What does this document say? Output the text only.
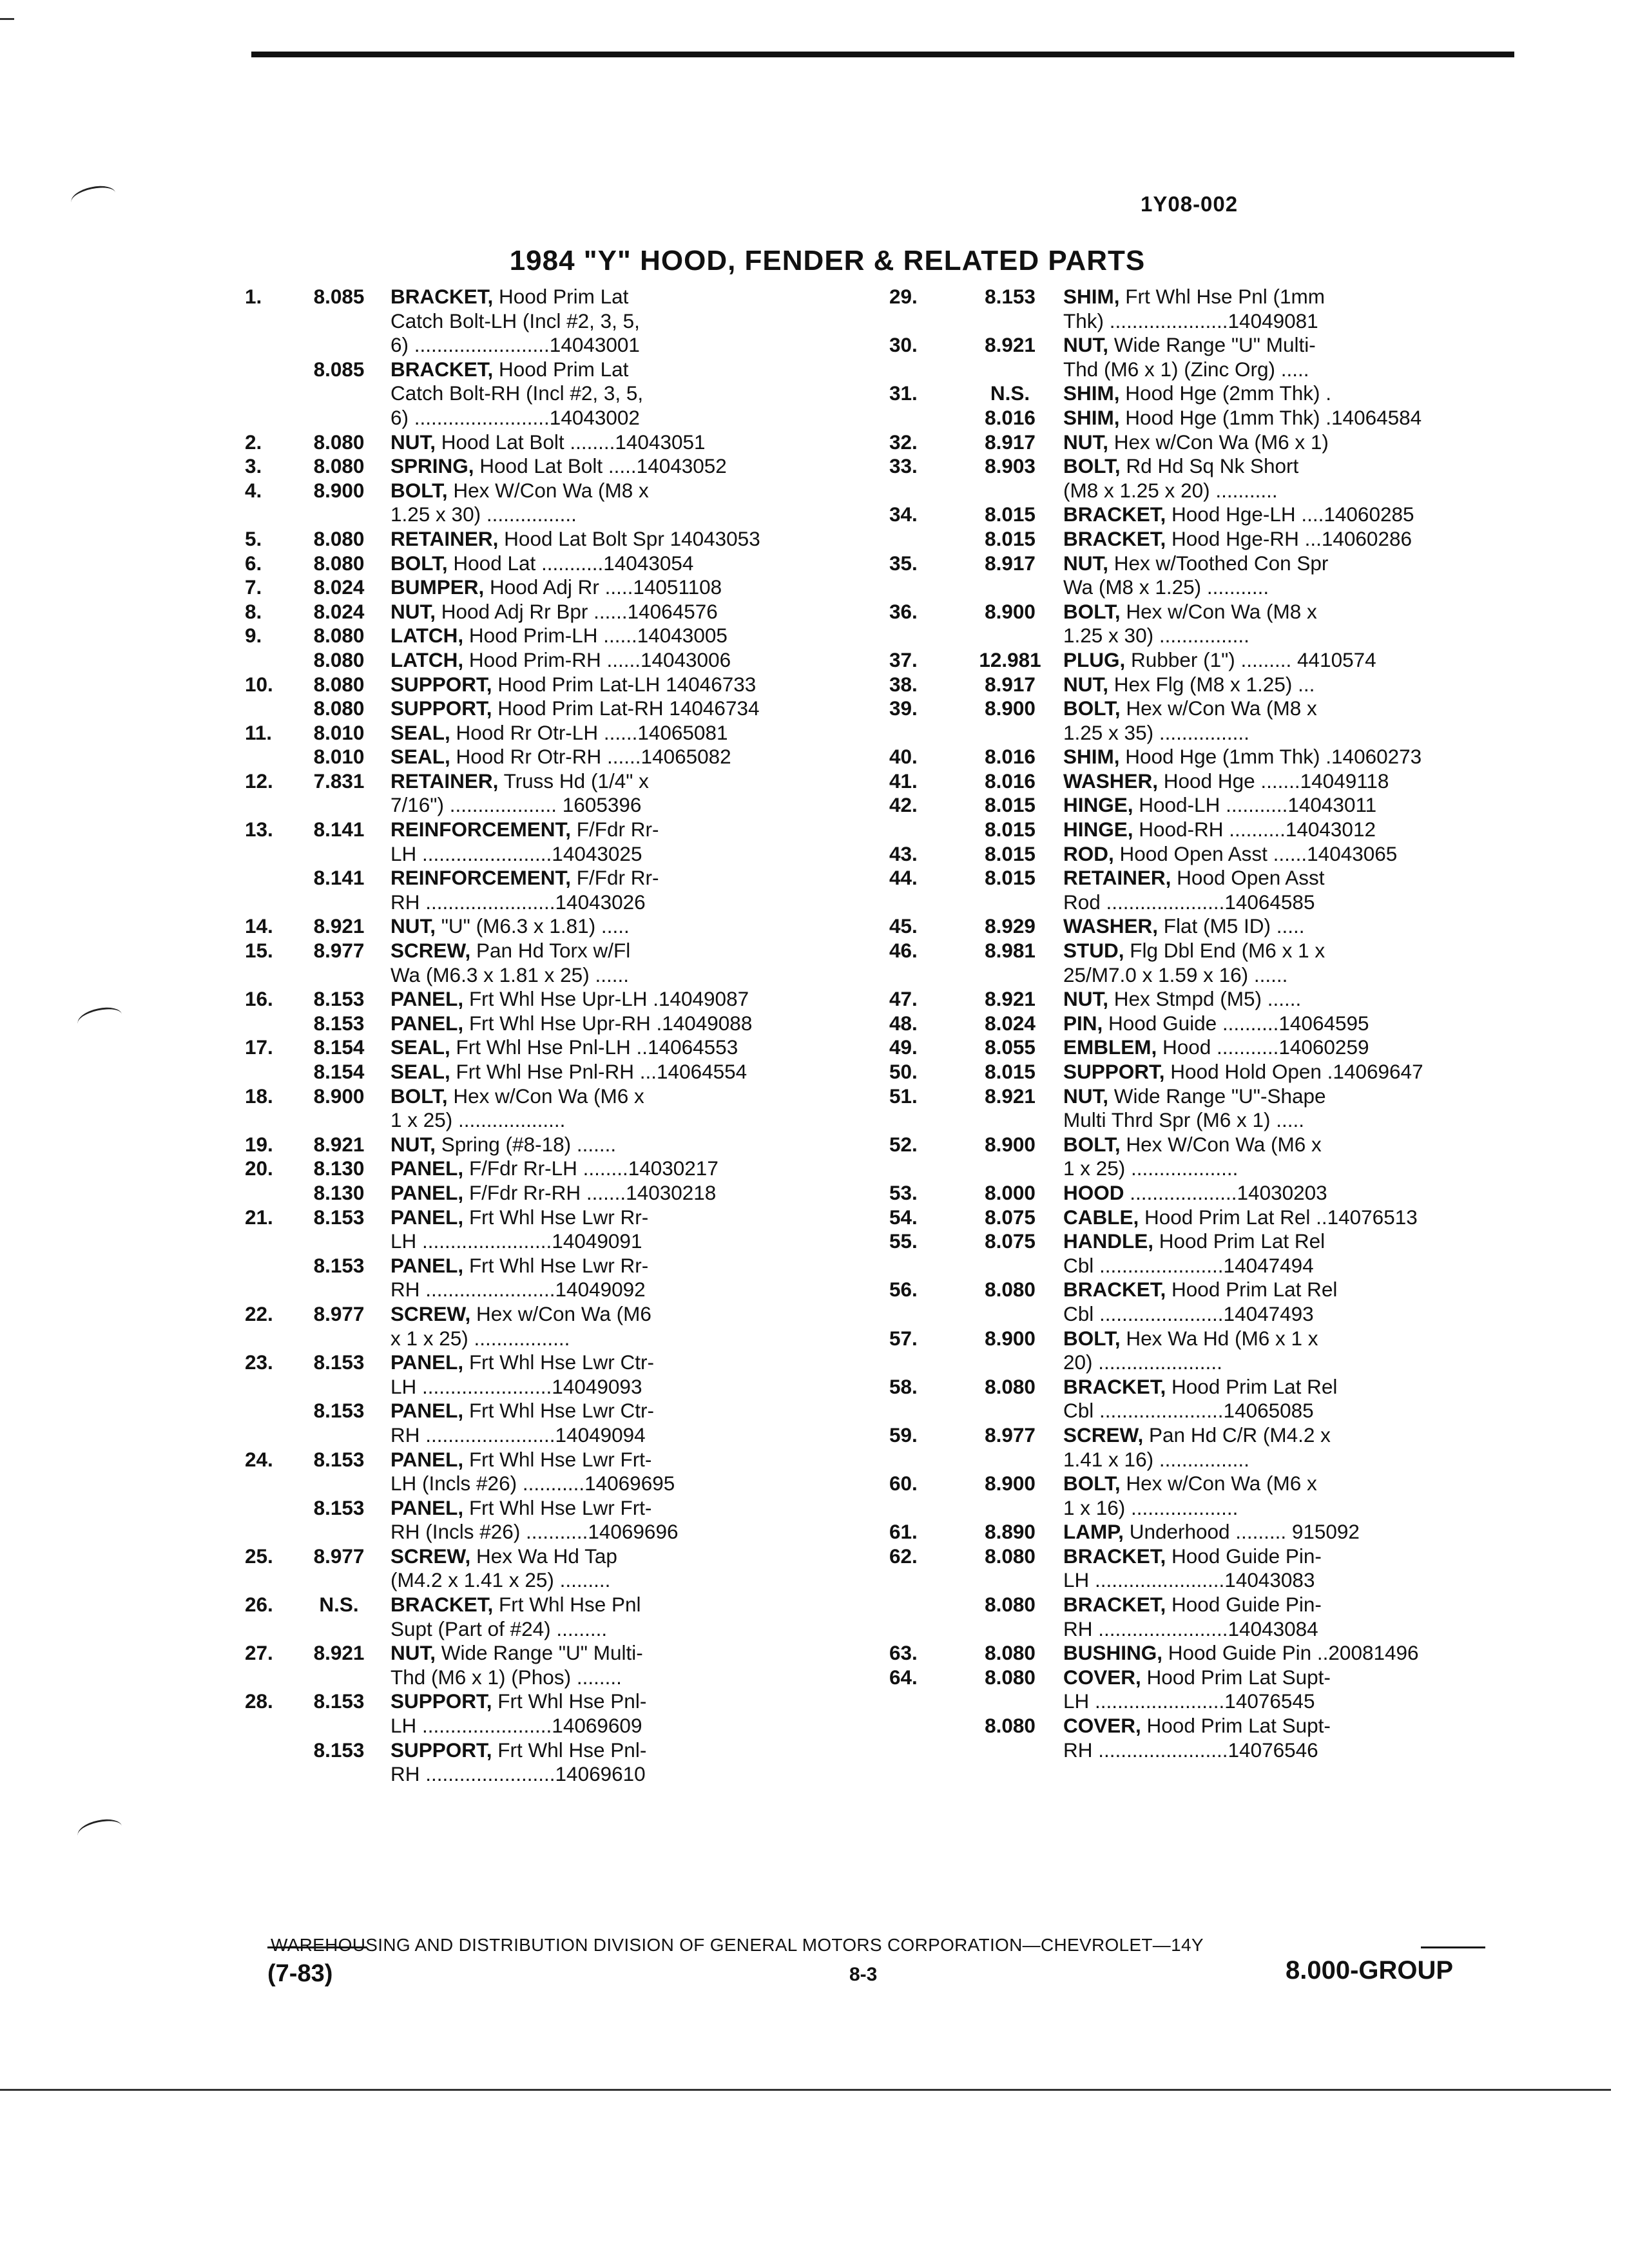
1Y08-002
1984 "Y" HOOD, FENDER & RELATED PARTS
1.	8.085	BRACKET, Hood Prim Lat
Catch Bolt-LH (Incl #2, 3, 5,
6) ........................14043001
8.085	BRACKET, Hood Prim Lat
Catch Bolt-RH (Incl #2, 3, 5,
6) ........................14043002
2.	8.080	NUT, Hood Lat Bolt ........14043051
3.	8.080	SPRING, Hood Lat Bolt .....14043052
4.	8.900	BOLT, Hex W/Con Wa (M8 x
1.25 x 30) ................
5.	8.080	RETAINER, Hood Lat Bolt Spr 14043053
6.	8.080	BOLT, Hood Lat ...........14043054
7.	8.024	BUMPER, Hood Adj Rr .....14051108
8.	8.024	NUT, Hood Adj Rr Bpr ......14064576
9.	8.080	LATCH, Hood Prim-LH ......14043005
8.080	LATCH, Hood Prim-RH ......14043006
10.	8.080	SUPPORT, Hood Prim Lat-LH 14046733
8.080	SUPPORT, Hood Prim Lat-RH 14046734
11.	8.010	SEAL, Hood Rr Otr-LH ......14065081
8.010	SEAL, Hood Rr Otr-RH ......14065082
12.	7.831	RETAINER, Truss Hd (1/4" x
7/16") ................... 1605396
13.	8.141	REINFORCEMENT, F/Fdr Rr-
LH .......................14043025
8.141	REINFORCEMENT, F/Fdr Rr-
RH .......................14043026
14.	8.921	NUT, "U" (M6.3 x 1.81) .....
15.	8.977	SCREW, Pan Hd Torx w/Fl
Wa (M6.3 x 1.81 x 25) ......
16.	8.153	PANEL, Frt Whl Hse Upr-LH .14049087
8.153	PANEL, Frt Whl Hse Upr-RH .14049088
17.	8.154	SEAL, Frt Whl Hse Pnl-LH ..14064553
8.154	SEAL, Frt Whl Hse Pnl-RH ...14064554
18.	8.900	BOLT, Hex w/Con Wa (M6 x
1 x 25) ...................
19.	8.921	NUT, Spring (#8-18) .......
20.	8.130	PANEL, F/Fdr Rr-LH ........14030217
8.130	PANEL, F/Fdr Rr-RH .......14030218
21.	8.153	PANEL, Frt Whl Hse Lwr Rr-
LH .......................14049091
8.153	PANEL, Frt Whl Hse Lwr Rr-
RH .......................14049092
22.	8.977	SCREW, Hex w/Con Wa (M6
x 1 x 25) .................
23.	8.153	PANEL, Frt Whl Hse Lwr Ctr-
LH .......................14049093
8.153	PANEL, Frt Whl Hse Lwr Ctr-
RH .......................14049094
24.	8.153	PANEL, Frt Whl Hse Lwr Frt-
LH (Incls #26) ...........14069695
8.153	PANEL, Frt Whl Hse Lwr Frt-
RH (Incls #26) ...........14069696
25.	8.977	SCREW, Hex Wa Hd Tap
(M4.2 x 1.41 x 25) .........
26.	N.S.	BRACKET, Frt Whl Hse Pnl
Supt (Part of #24) .........
27.	8.921	NUT, Wide Range "U" Multi-
Thd (M6 x 1) (Phos) ........
28.	8.153	SUPPORT, Frt Whl Hse Pnl-
LH .......................14069609
8.153	SUPPORT, Frt Whl Hse Pnl-
RH .......................14069610
29.	8.153	SHIM, Frt Whl Hse Pnl (1mm
Thk) .....................14049081
30.	8.921	NUT, Wide Range "U" Multi-
Thd (M6 x 1) (Zinc Org) .....
31.	N.S.	SHIM, Hood Hge (2mm Thk) .
8.016	SHIM, Hood Hge (1mm Thk) .14064584
32.	8.917	NUT, Hex w/Con Wa (M6 x 1)
33.	8.903	BOLT, Rd Hd Sq Nk Short
(M8 x 1.25 x 20) ...........
34.	8.015	BRACKET, Hood Hge-LH ....14060285
8.015	BRACKET, Hood Hge-RH ...14060286
35.	8.917	NUT, Hex w/Toothed Con Spr
Wa (M8 x 1.25) ...........
36.	8.900	BOLT, Hex w/Con Wa (M8 x
1.25 x 30) ................
37.	12.981	PLUG, Rubber (1") ......... 4410574
38.	8.917	NUT, Hex Flg (M8 x 1.25) ...
39.	8.900	BOLT, Hex w/Con Wa (M8 x
1.25 x 35) ................
40.	8.016	SHIM, Hood Hge (1mm Thk) .14060273
41.	8.016	WASHER, Hood Hge .......14049118
42.	8.015	HINGE, Hood-LH ...........14043011
8.015	HINGE, Hood-RH ..........14043012
43.	8.015	ROD, Hood Open Asst ......14043065
44.	8.015	RETAINER, Hood Open Asst
Rod .....................14064585
45.	8.929	WASHER, Flat (M5 ID) .....
46.	8.981	STUD, Flg Dbl End (M6 x 1 x
25/M7.0 x 1.59 x 16) ......
47.	8.921	NUT, Hex Stmpd (M5) ......
48.	8.024	PIN, Hood Guide ..........14064595
49.	8.055	EMBLEM, Hood ...........14060259
50.	8.015	SUPPORT, Hood Hold Open .14069647
51.	8.921	NUT, Wide Range "U"-Shape
Multi Thrd Spr (M6 x 1) .....
52.	8.900	BOLT, Hex W/Con Wa (M6 x
1 x 25) ...................
53.	8.000	HOOD ...................14030203
54.	8.075	CABLE, Hood Prim Lat Rel ..14076513
55.	8.075	HANDLE, Hood Prim Lat Rel
Cbl ......................14047494
56.	8.080	BRACKET, Hood Prim Lat Rel
Cbl ......................14047493
57.	8.900	BOLT, Hex Wa Hd (M6 x 1 x
20) ......................
58.	8.080	BRACKET, Hood Prim Lat Rel
Cbl ......................14065085
59.	8.977	SCREW, Pan Hd C/R (M4.2 x
1.41 x 16) ................
60.	8.900	BOLT, Hex w/Con Wa (M6 x
1 x 16) ...................
61.	8.890	LAMP, Underhood ......... 915092
62.	8.080	BRACKET, Hood Guide Pin-
LH .......................14043083
8.080	BRACKET, Hood Guide Pin-
RH .......................14043084
63.	8.080	BUSHING, Hood Guide Pin ..20081496
64.	8.080	COVER, Hood Prim Lat Supt-
LH .......................14076545
8.080	COVER, Hood Prim Lat Supt-
RH .......................14076546
WAREHOUSING AND DISTRIBUTION DIVISION OF GENERAL MOTORS CORPORATION—CHEVROLET—14Y
(7-83)	8-3	8.000-GROUP
